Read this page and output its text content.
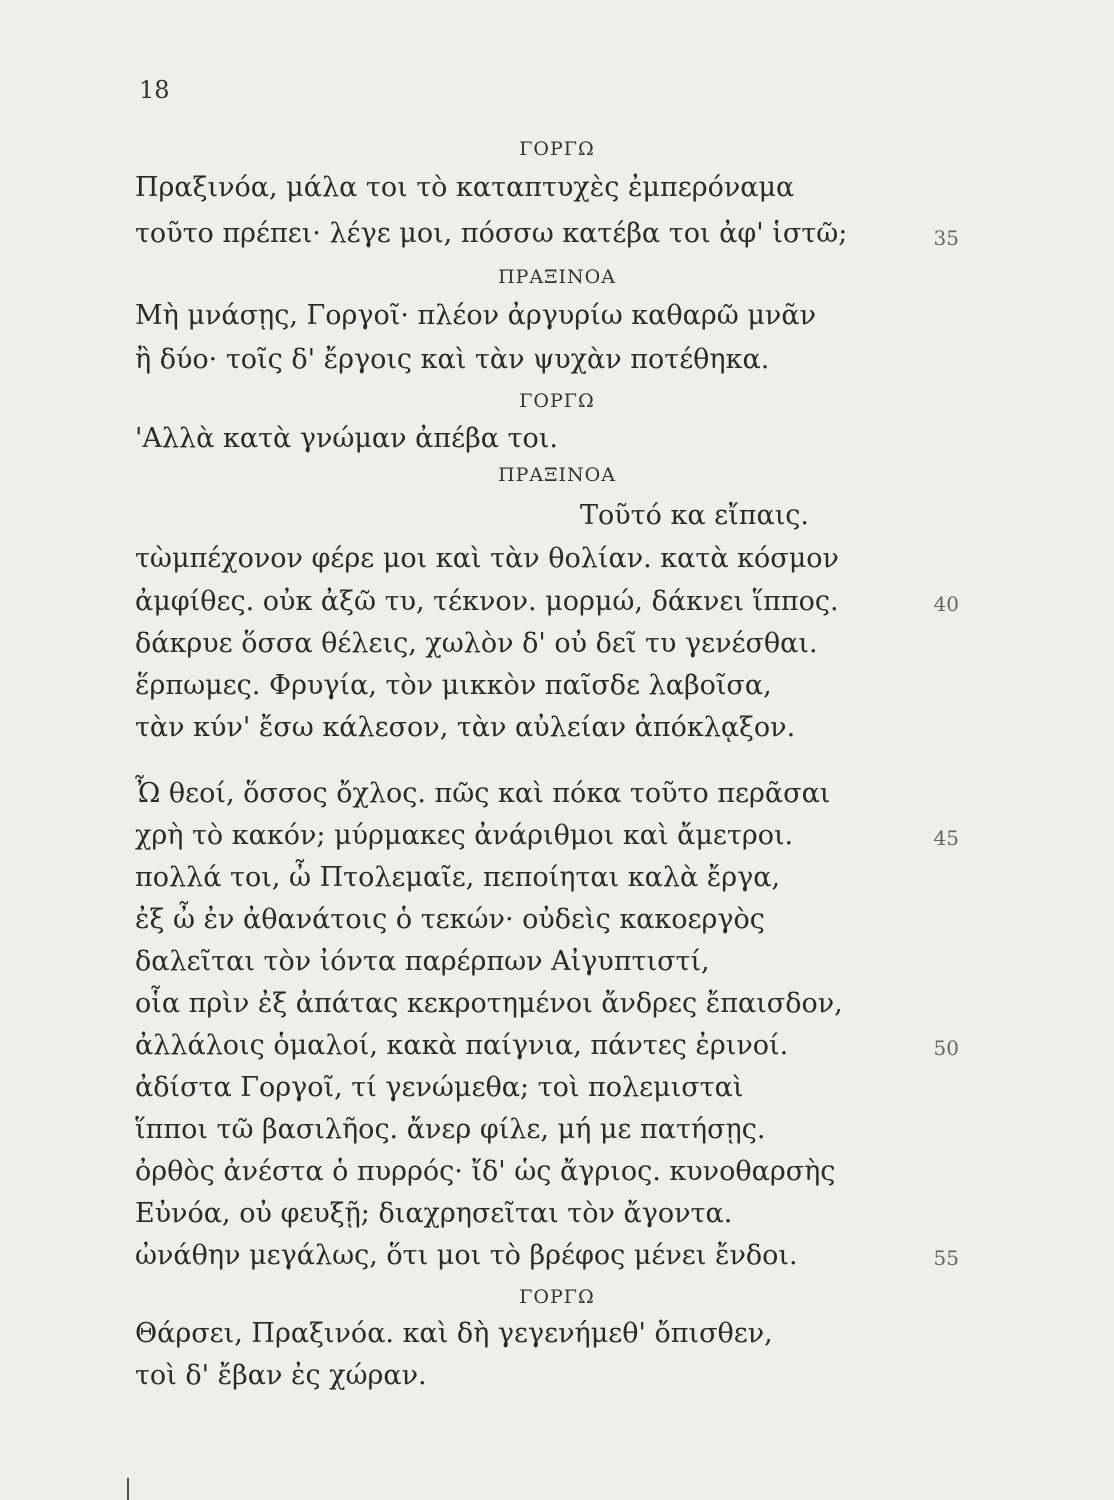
18
ΓΟΡΓΩ
Πραξινόα, μάλα τοι τὸ καταπτυχὲς ἐμπερόναμα
τοῦτο πρέπει· λέγε μοι, πόσσω κατέβα τοι ἀφ' ἱστῶ;	35
ΠΡΑΞΙΝΟΑ
Μὴ μνάσῃς, Γοργοῖ· πλέον ἀργυρίω καθαρῶ μνᾶν
ἢ δύο· τοῖς δ' ἔργοις καὶ τὰν ψυχὰν ποτέθηκα.
ΓΟΡΓΩ
'Αλλὰ κατὰ γνώμαν ἀπέβα τοι.
ΠΡΑΞΙΝΟΑ
Τοῦτό κα εἴπαις.
τὼμπέχονον φέρε μοι καὶ τὰν θολίαν. κατὰ κόσμον
ἀμφίθες. οὐκ ἀξῶ τυ, τέκνον. μορμώ, δάκνει ἵππος.	40
δάκρυε ὅσσα θέλεις, χωλὸν δ' οὐ δεῖ τυ γενέσθαι.
ἕρπωμες. Φρυγία, τὸν μικκὸν παῖσδε λαβοῖσα,
τὰν κύν' ἔσω κάλεσον, τὰν αὐλείαν ἀπόκλᾳξον.
Ὦ θεοί, ὅσσος ὄχλος. πῶς καὶ πόκα τοῦτο περᾶσαι
χρὴ τὸ κακόν; μύρμακες ἀνάριθμοι καὶ ἄμετροι.	45
πολλά τοι, ὦ Πτολεμαῖε, πεποίηται καλὰ ἔργα,
ἐξ ὦ ἐν ἀθανάτοις ὁ τεκών· οὐδεὶς κακοεργὸς
δαλεῖται τὸν ἰόντα παρέρπων Αἰγυπτιστί,
οἷα πρὶν ἐξ ἀπάτας κεκροτημένοι ἄνδρες ἔπαισδον,
ἀλλάλοις ὁμαλοί, κακὰ παίγνια, πάντες ἐρινοί.	50
ἀδίστα Γοργοῖ, τί γενώμεθα; τοὶ πολεμισταὶ
ἵπποι τῶ βασιλῆος. ἄνερ φίλε, μή με πατήσῃς.
ὀρθὸς ἀνέστα ὁ πυρρός· ἴδ' ὡς ἄγριος. κυνοθαρσὴς
Εὐνόα, οὐ φευξῇ; διαχρησεῖται τὸν ἄγοντα.
ὠνάθην μεγάλως, ὅτι μοι τὸ βρέφος μένει ἔνδοι.	55
ΓΟΡΓΩ
Θάρσει, Πραξινόα. καὶ δὴ γεγενήμεθ' ὄπισθεν,
τοὶ δ' ἔβαν ἐς χώραν.
